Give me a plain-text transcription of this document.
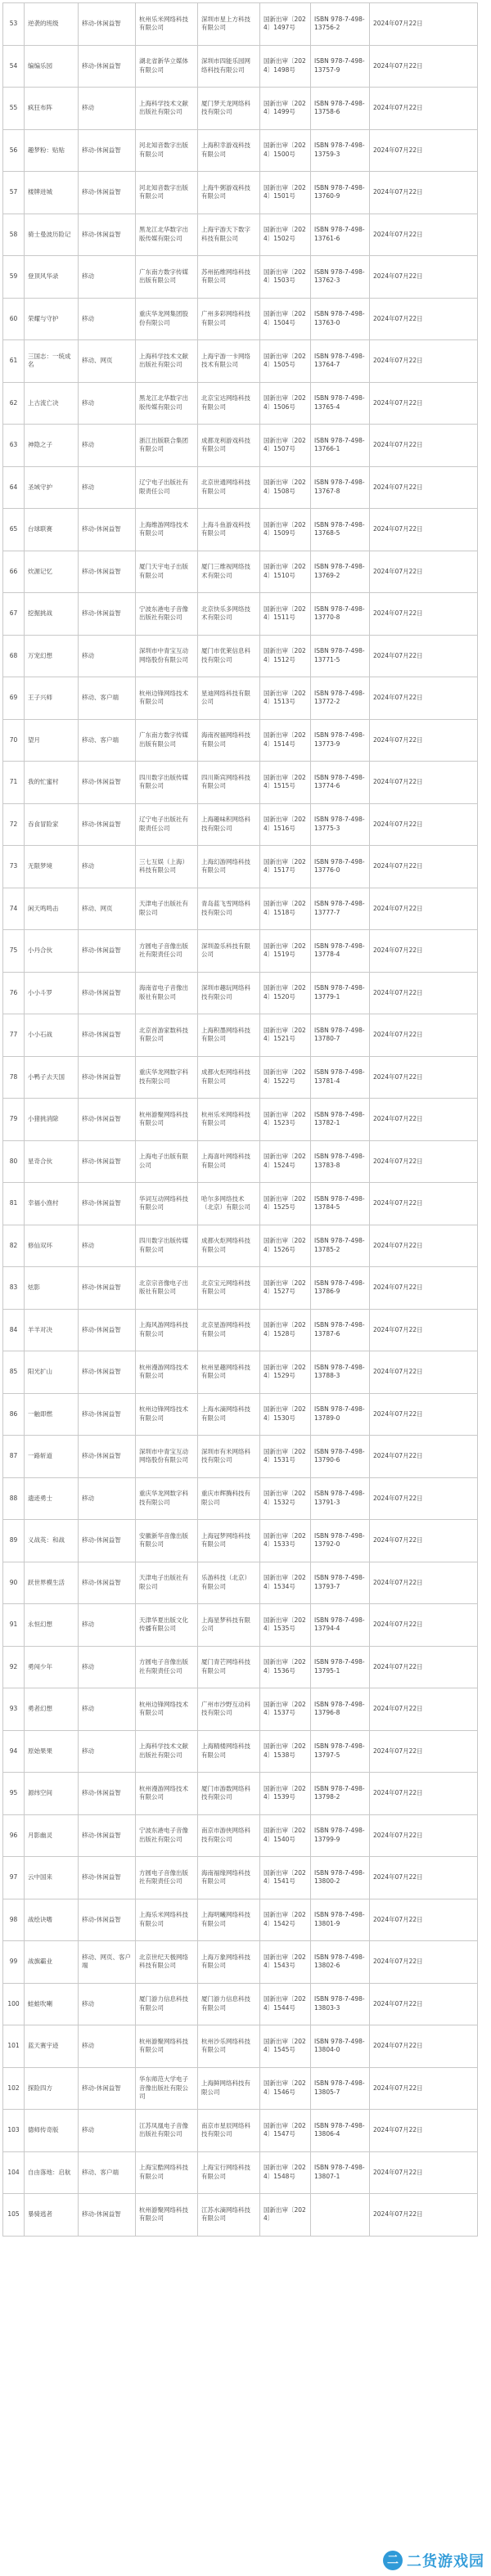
53	逆袭的班级	移动-休闲益智	杭州乐米网络科技有限公司	深圳市星上方科技有限公司	国新出审〔2024〕1497号	ISBN 978-7-498-13756-2	2024年07月22日
54	编编乐园	移动-休闲益智	湖北省新华立媒体有限公司	深圳市四能乐园网络科技有限公司	国新出审〔2024〕1498号	ISBN 978-7-498-13757-9	2024年07月22日
55	疯狂布阵	移动	上海科学技术文献出版社有限公司	厦门梦天龙网络科技有限公司	国新出审〔2024〕1499号	ISBN 978-7-498-13758-6	2024年07月22日
56	趣梦粉：贴贴	移动-休闲益智	河北知音数字出版有限公司	上海积幸游戏科技有限公司	国新出审〔2024〕1500号	ISBN 978-7-498-13759-3	2024年07月22日
57	楼牌进城	移动-休闲益智	河北知音数字出版有限公司	上海牛粥游戏科技有限公司	国新出审〔2024〕1501号	ISBN 978-7-498-13760-9	2024年07月22日
58	骑士曼波历险记	移动-休闲益智	黑龙江北华数字出版传媒有限公司	上海宇游天下数字科技有限公司	国新出审〔2024〕1502号	ISBN 978-7-498-13761-6	2024年07月22日
59	登顶风华录	移动	广东南方数字传媒出版有限公司	苏州拓维网络科技有限公司	国新出审〔2024〕1503号	ISBN 978-7-498-13762-3	2024年07月22日
60	荣耀与守护	移动	重庆华龙网集团股份有限公司	广州多彩网络科技有限公司	国新出审〔2024〕1504号	ISBN 978-7-498-13763-0	2024年07月22日
61	三国志：一统成名	移动、网页	上海科学技术文献出版社有限公司	上海宇游一卡网络技术有限公司	国新出审〔2024〕1505号	ISBN 978-7-498-13764-7	2024年07月22日
62	上古流亡决	移动	黑龙江北华数字出版传媒有限公司	北京宝达网络科技有限公司	国新出审〔2024〕1506号	ISBN 978-7-498-13765-4	2024年07月22日
63	神隐之子	移动	浙江出版联合集团有限公司	成都龙利游戏科技有限公司	国新出审〔2024〕1507号	ISBN 978-7-498-13766-1	2024年07月22日
64	圣域守护	移动	辽宁电子出版社有限责任公司	北京世通网络科技有限公司	国新出审〔2024〕1508号	ISBN 978-7-498-13767-8	2024年07月22日
65	台球联赛	移动-休闲益智	上海维游网络技术有限公司	上海斗鱼游戏科技有限公司	国新出审〔2024〕1509号	ISBN 978-7-498-13768-5	2024年07月22日
66	炊源记忆	移动-休闲益智	厦门天宇电子出版有限公司	厦门三维视网络技术有限公司	国新出审〔2024〕1510号	ISBN 978-7-498-13769-2	2024年07月22日
67	挖掘挑战	移动-休闲益智	宁波东港电子音像出版社有限公司	北京快乐多网络技术有限公司	国新出审〔2024〕1511号	ISBN 978-7-498-13770-8	2024年07月22日
68	万宠幻想	移动	深圳市中青宝互动网络股份有限公司	厦门市优莱信息科技有限公司	国新出审〔2024〕1512号	ISBN 978-7-498-13771-5	2024年07月22日
69	王子兴师	移动、客户端	杭州边锋网络技术有限公司	星迪网络科技有限公司	国新出审〔2024〕1513号	ISBN 978-7-498-13772-2	2024年07月22日
70	望月	移动、客户端	广东南方数字传媒出版有限公司	海南祝福网络科技有限公司	国新出审〔2024〕1514号	ISBN 978-7-498-13773-9	2024年07月22日
71	我的忙蜜村	移动-休闲益智	四川数字出版传媒有限公司	四川斯宾网络科技有限公司	国新出审〔2024〕1515号	ISBN 978-7-498-13774-6	2024年07月22日
72	吞食冒险家	移动-休闲益智	辽宁电子出版社有限责任公司	上海趣味积网络科技有限公司	国新出审〔2024〕1516号	ISBN 978-7-498-13775-3	2024年07月22日
73	无限梦境	移动	三七互娱（上海）科技有限公司	上海幻游网络科技有限公司	国新出审〔2024〕1517号	ISBN 978-7-498-13776-0	2024年07月22日
74	闲天鸣鸣击	移动、网页	天津电子出版社有限公司	青岛蓝飞雪网络科技有限公司	国新出审〔2024〕1518号	ISBN 978-7-498-13777-7	2024年07月22日
75	小丹合伙	移动-休闲益智	方圆电子音像出版社有限责任公司	深圳盈乐科技有限公司	国新出审〔2024〕1519号	ISBN 978-7-498-13778-4	2024年07月22日
76	小小斗罗	移动-休闲益智	海南省电子音像出版社有限公司	深圳市趣玩网络科技有限公司	国新出审〔2024〕1520号	ISBN 978-7-498-13779-1	2024年07月22日
77	小小石战	移动-休闲益智	北京首游家数科技有限公司	上海积墨网络科技有限公司	国新出审〔2024〕1521号	ISBN 978-7-498-13780-7	2024年07月22日
78	小鸭子去天国	移动-休闲益智	重庆华龙网数字科技有限公司	成都火炬网络科技有限公司	国新出审〔2024〕1522号	ISBN 978-7-498-13781-4	2024年07月22日
79	小猪挑消除	移动-休闲益智	杭州游聚网络科技有限公司	杭州乐米网络科技有限公司	国新出审〔2024〕1523号	ISBN 978-7-498-13782-1	2024年07月22日
80	星奇合伙	移动-休闲益智	上海电子出版有限公司	上海喜叶网络科技有限公司	国新出审〔2024〕1524号	ISBN 978-7-498-13783-8	2024年07月22日
81	幸福小渔村	移动-休闲益智	华词互动网络科技有限公司	哈尔多网络技术（北京）有限公司	国新出审〔2024〕1525号	ISBN 978-7-498-13784-5	2024年07月22日
82	修仙双环	移动	四川数字出版传媒有限公司	成都火炬网络科技有限公司	国新出审〔2024〕1526号	ISBN 978-7-498-13785-2	2024年07月22日
83	炫影	移动-休闲益智	北京宗音像电子出版社有限公司	北京宝元网络科技有限公司	国新出审〔2024〕1527号	ISBN 978-7-498-13786-9	2024年07月22日
84	羊羊对决	移动-休闲益智	上海风游网络科技有限公司	北京星游网络科技有限公司	国新出审〔2024〕1528号	ISBN 978-7-498-13787-6	2024年07月22日
85	阳光扩山	移动-休闲益智	杭州漫游网络技术有限公司	杭州星趣网络科技有限公司	国新出审〔2024〕1529号	ISBN 978-7-498-13788-3	2024年07月22日
86	一触即燃	移动-休闲益智	杭州边锋网络技术有限公司	上海水滴网络科技有限公司	国新出审〔2024〕1530号	ISBN 978-7-498-13789-0	2024年07月22日
87	一路斩道	移动-休闲益智	深圳市中青宝互动网络股份有限公司	深圳市有米网络科技有限公司	国新出审〔2024〕1531号	ISBN 978-7-498-13790-6	2024年07月22日
88	遗迹勇士	移动	重庆华龙网数字科技有限公司	重庆市辉腾科技有限公司	国新出审〔2024〕1532号	ISBN 978-7-498-13791-3	2024年07月22日
89	义战英：和战	移动-休闲益智	安徽新华音像出版有限公司	上海冠梦网络科技有限公司	国新出审〔2024〕1533号	ISBN 978-7-498-13792-0	2024年07月22日
90	跃世界模生活	移动-休闲益智	天津电子出版社有限公司	乐游科技（北京）有限公司	国新出审〔2024〕1534号	ISBN 978-7-498-13793-7	2024年07月22日
91	永恒幻想	移动	天津华夏出版文化传播有限公司	上海星梦科技有限公司	国新出审〔2024〕1535号	ISBN 978-7-498-13794-4	2024年07月22日
92	勇闯少年	移动	方圆电子音像出版社有限责任公司	厦门青芒网络科技有限公司	国新出审〔2024〕1536号	ISBN 978-7-498-13795-1	2024年07月22日
93	勇者幻想	移动	杭州边锋网络技术有限公司	广州市沙野互动科技有限公司	国新出审〔2024〕1537号	ISBN 978-7-498-13796-8	2024年07月22日
94	原始果果	移动	上海科学技术文献出版社有限公司	上海精楼网络科技有限公司	国新出审〔2024〕1538号	ISBN 978-7-498-13797-5	2024年07月22日
95	源纬空间	移动-休闲益智	杭州漫游网络技术有限公司	厦门市游数网络科技有限公司	国新出审〔2024〕1539号	ISBN 978-7-498-13798-2	2024年07月22日
96	月影幽灵	移动-休闲益智	宁波东港电子音像出版社有限公司	南京市游侠网络科技有限公司	国新出审〔2024〕1540号	ISBN 978-7-498-13799-9	2024年07月22日
97	云中国来	移动-休闲益智	方圆电子音像出版社有限责任公司	海南福缘网络科技有限公司	国新出审〔2024〕1541号	ISBN 978-7-498-13800-2	2024年07月22日
98	战绘诀嗜	移动-休闲益智	上海乐米网络科技有限公司	上海明曦网络科技有限公司	国新出审〔2024〕1542号	ISBN 978-7-498-13801-9	2024年07月22日
99	战旗霸业	移动、网页、客户端	北京世纪天极网络科技有限公司	上海万象网络科技有限公司	国新出审〔2024〕1543号	ISBN 978-7-498-13802-6	2024年07月22日
100	蛙蛙吹喇	移动	厦门游力信息科技有限公司	厦门游力信息科技有限公司	国新出审〔2024〕1544号	ISBN 978-7-498-13803-3	2024年07月22日
101	蓝天赛宇迹	移动	杭州游聚网络科技有限公司	杭州沙乐网络科技有限公司	国新出审〔2024〕1545号	ISBN 978-7-498-13804-0	2024年07月22日
102	探险四方	移动-休闲益智	华东师范大学电子音像出版社有限公司	上海鲜网络科技有限公司	国新出审〔2024〕1546号	ISBN 978-7-498-13805-7	2024年07月22日
103	德师传奇版	移动	江苏凤凰电子音像出版社有限公司	南京市星辰网络科技有限公司	国新出审〔2024〕1547号	ISBN 978-7-498-13806-4	2024年07月22日
104	自由落地：启航	移动、客户端	上海宝酷网络科技有限公司	上海宝行网络科技有限公司	国新出审〔2024〕1548号	ISBN 978-7-498-13807-1	2024年07月22日
105	暴骑逃者	移动-休闲益智	杭州游聚网络科技有限公司	江苏水滴网络科技有限公司	国新出审〔2024〕		2024年07月22日
二 二货游戏园
